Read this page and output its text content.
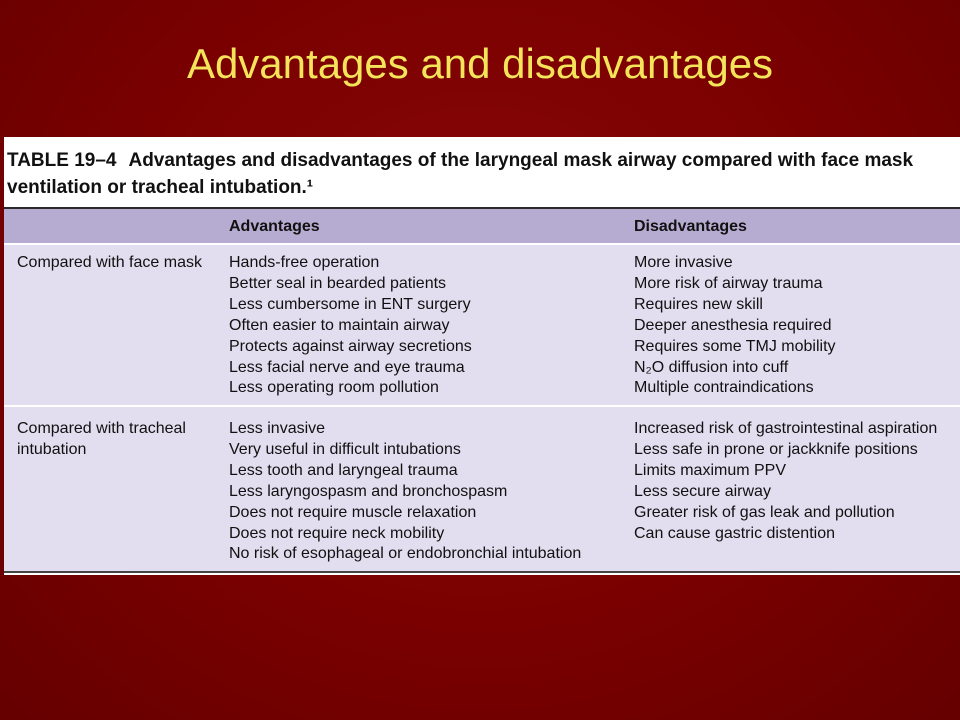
Advantages and disadvantages
TABLE 19–4 Advantages and disadvantages of the laryngeal mask airway compared with face mask ventilation or tracheal intubation.¹
Advantages	Disadvantages
Compared with face mask	Hands-free operation
Better seal in bearded patients
Less cumbersome in ENT surgery
Often easier to maintain airway
Protects against airway secretions
Less facial nerve and eye trauma
Less operating room pollution
More invasive
More risk of airway trauma
Requires new skill
Deeper anesthesia required
Requires some TMJ mobility
N₂O diffusion into cuff
Multiple contraindications
Compared with tracheal intubation
Less invasive
Very useful in difficult intubations
Less tooth and laryngeal trauma
Less laryngospasm and bronchospasm
Does not require muscle relaxation
Does not require neck mobility
No risk of esophageal or endobronchial intubation
Increased risk of gastrointestinal aspiration
Less safe in prone or jackknife positions
Limits maximum PPV
Less secure airway
Greater risk of gas leak and pollution
Can cause gastric distention
